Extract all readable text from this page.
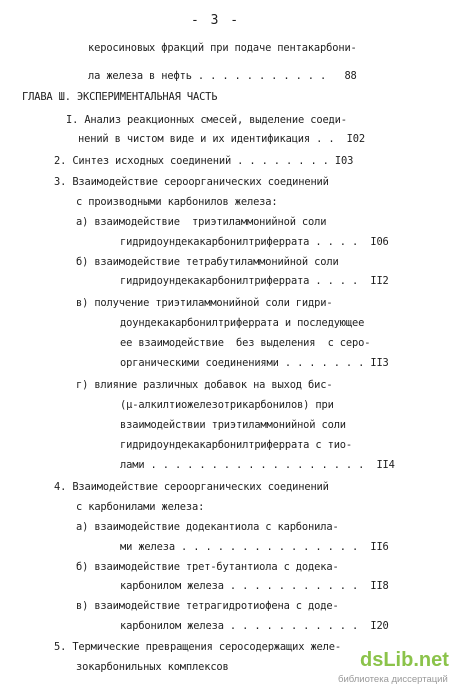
- 3 -
керосиновых фракций при подаче пентакарбони-
ла железа в нефть . . . . . . . . . . .   88
ГЛАВА Ш. ЭКСПЕРИМЕНТАЛЬНАЯ ЧАСТЬ
I. Анализ реакционных смесей, выделение соеди-
нений в чистом виде и их идентификация . .  I02
2. Синтез исходных соединений . . . . . . . . I03
3. Взаимодействие сероорганических соединений
с производными карбонилов железа:
а) взаимодействие  триэтиламмонийной соли
гидридоундекакарбонилтриферрата . . . .  I06
б) взаимодействие тетрабутиламмонийной соли
гидридоундекакарбонилтриферрата . . . .  II2
в) получение триэтиламмонийной соли гидри-
доундекакарбонилтриферрата и последующее
ее взаимодействие  без выделения  с серо-
органическими соединениями . . . . . . . II3
г) влияние различных добавок на выход бис-
(μ-алкилтиожелезотрикарбонилов) при
взаимодействии триэтиламмонийной соли
гидридоундекакарбонилтриферрата с тио-
лами . . . . . . . . . . . . . . . . . .  II4
4. Взаимодействие сероорганических соединений
с карбонилами железа:
а) взаимодействие додекантиола с карбонила-
ми железа . . . . . . . . . . . . . . .  II6
б) взаимодействие трет-бутантиола с додека-
карбонилом железа . . . . . . . . . . .  II8
в) взаимодействие тетрагидротиофена с доде-
карбонилом железа . . . . . . . . . . .  I20
5. Термические превращения серосодержащих желе-
зокарбонильных комплексов	dsLib.net
библиотека диссертаций
